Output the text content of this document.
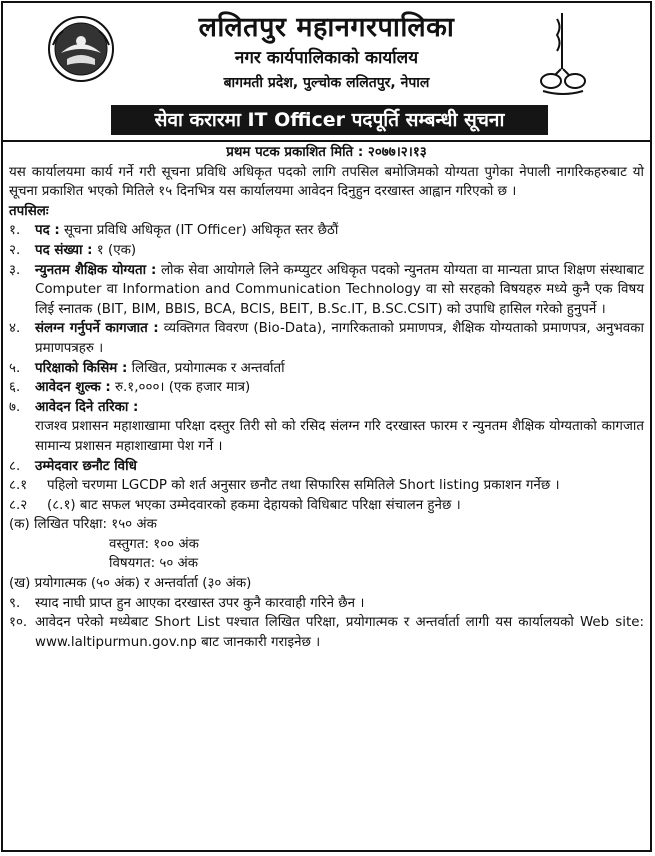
ललितपुर महानगरपालिका
नगर कार्यपालिकाको कार्यालय
बागमती प्रदेश, पुल्चोक ललितपुर, नेपाल
सेवा करारमा IT Officer पदपूर्ति सम्बन्धी सूचना
प्रथम पटक प्रकाशित मिति : २०७७।२।१३
यस कार्यालयमा कार्य गर्ने गरी सूचना प्रविधि अधिकृत पदको लागि तपसिल बमोजिमको योग्यता पुगेका नेपाली नागरिकहरुबाट यो सूचना प्रकाशित भएको मितिले १५ दिनभित्र यस कार्यालयमा आवेदन दिनुहुन दरखास्त आह्वान गरिएको छ ।
तपसिलः
१.	पद : सूचना प्रविधि अधिकृत (IT Officer) अधिकृत स्तर छैठौं
२.	पद संख्या : १ (एक)
३.	न्युनतम शैक्षिक योग्यता : लोक सेवा आयोगले लिने कम्प्युटर अधिकृत पदको न्युनतम योग्यता वा मान्यता प्राप्त शिक्षण संस्थाबाट Computer वा Information and Communication Technology वा सो सरहको विषयहरु मध्ये कुनै एक विषय लिई स्नातक (BIT, BIM, BBIS, BCA, BCIS, BEIT, B.Sc.IT, B.SC.CSIT) को उपाधि हासिल गरेको हुनुपर्ने ।
४.	संलग्न गर्नुपर्ने कागजात : व्यक्तिगत विवरण (Bio-Data), नागरिकताको प्रमाणपत्र, शैक्षिक योग्यताको प्रमाणपत्र, अनुभवका प्रमाणपत्रहरु ।
५.	परिक्षाको किसिम : लिखित, प्रयोगात्मक र अन्तर्वार्ता
६.	आवेदन शुल्क : रु.१,०००। (एक हजार मात्र)
७.	आवेदन दिने तरिका :
राजश्व प्रशासन महाशाखामा परिक्षा दस्तुर तिरी सो को रसिद संलग्न गरि दरखास्त फारम र न्युनतम शैक्षिक योग्यताको कागजात सामान्य प्रशासन महाशाखामा पेश गर्ने ।
८.	उम्मेदवार छनौट विधि
८.१	पहिलो चरणमा LGCDP को शर्त अनुसार छनौट तथा सिफारिस समितिले Short listing प्रकाशन गर्नेछ ।
८.२	(८.१) बाट सफल भएका उम्मेदवारको हकमा देहायको विधिबाट परिक्षा संचालन हुनेछ ।
(क) लिखित परिक्षा: १५० अंक
वस्तुगत: १०० अंक
विषयगत: ५० अंक
(ख) प्रयोगात्मक (५० अंक) र अन्तर्वार्ता (३० अंक)
९.	स्याद नाघी प्राप्त हुन आएका दरखास्त उपर कुनै कारवाही गरिने छैन ।
१०. आवेदन परेको मध्येबाट Short List पश्चात लिखित परिक्षा, प्रयोगात्मक र अन्तर्वार्ता लागी यस कार्यालयको Web site: www.laltipurmun.gov.np बाट जानकारी गराइनेछ ।
